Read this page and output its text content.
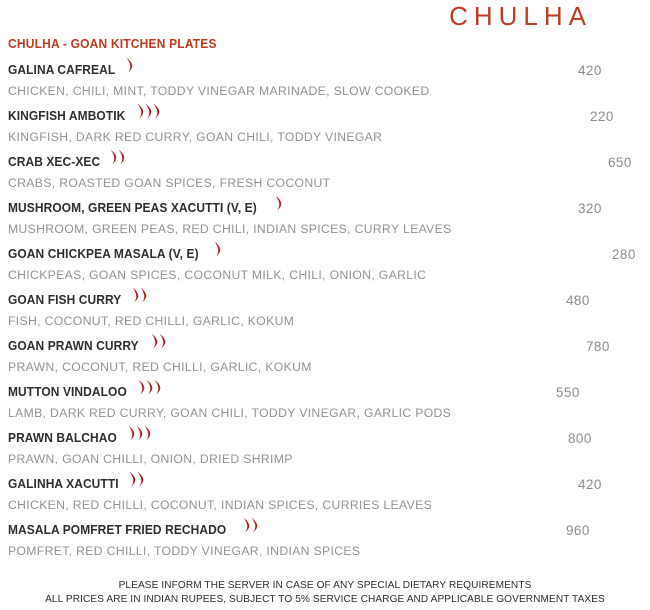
CHULHA
CHULHA - GOAN KITCHEN PLATES
GALINA CAFREAL	420
CHICKEN, CHILI, MINT, TODDY VINEGAR MARINADE, SLOW COOKED
KINGFISH AMBOTIK	220
KINGFISH, DARK RED CURRY, GOAN CHILI, TODDY VINEGAR
CRAB XEC-XEC	650
CRABS, ROASTED GOAN SPICES, FRESH COCONUT
MUSHROOM, GREEN PEAS XACUTTI (V, E)	320
MUSHROOM, GREEN PEAS, RED CHILI, INDIAN SPICES, CURRY LEAVES
GOAN CHICKPEA MASALA (V, E)	280
CHICKPEAS, GOAN SPICES, COCONUT MILK, CHILI, ONION, GARLIC
GOAN FISH CURRY	480
FISH, COCONUT, RED CHILLI, GARLIC, KOKUM
GOAN PRAWN CURRY	780
PRAWN, COCONUT, RED CHILLI, GARLIC, KOKUM
MUTTON VINDALOO	550
LAMB, DARK RED CURRY, GOAN CHILI, TODDY VINEGAR, GARLIC PODS
PRAWN BALCHAO	800
PRAWN, GOAN CHILLI, ONION, DRIED SHRIMP
GALINHA XACUTTI	420
CHICKEN, RED CHILLI, COCONUT, INDIAN SPICES, CURRIES LEAVES
MASALA POMFRET FRIED RECHADO	960
POMFRET, RED CHILLI, TODDY VINEGAR, INDIAN SPICES
PLEASE INFORM THE SERVER IN CASE OF ANY SPECIAL DIETARY REQUIREMENTS
ALL PRICES ARE IN INDIAN RUPEES, SUBJECT TO 5% SERVICE CHARGE AND APPLICABLE GOVERNMENT TAXES
